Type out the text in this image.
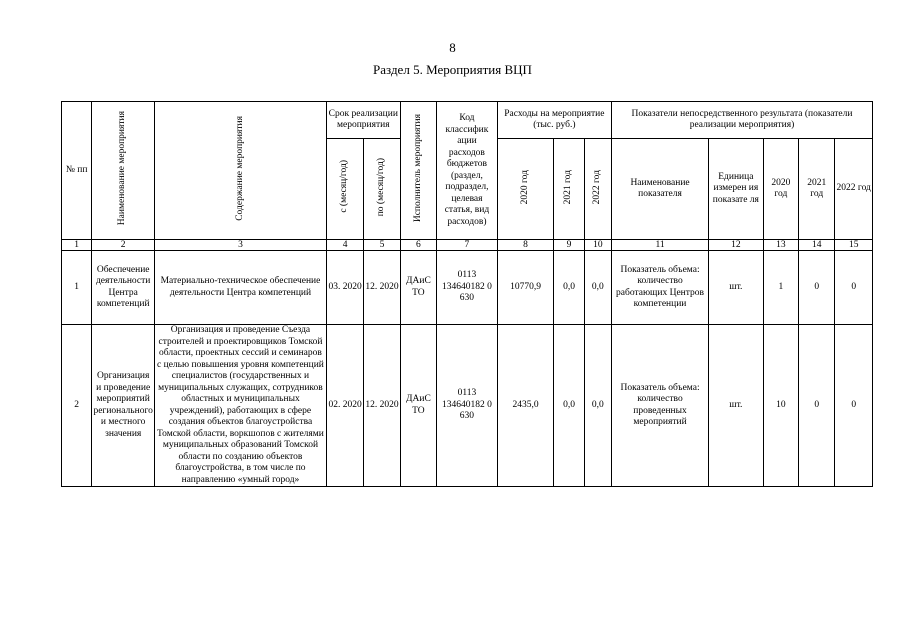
8
Раздел 5. Мероприятия ВЦП
№ пп	Наименование мероприятия	Содержание мероприятия	Срок реализации мероприятия		Исполнитель мероприятия	Код классифик ации расходов бюджетов (раздел, подраздел, целевая статья, вид расходов)	Расходы на мероприятие (тыс. руб.)			Показатели непосредственного результата (показатели реализации мероприятия)				
			с (месяц/год)	по (месяц/год)			2020 год	2021 год	2022 год	Наименование показателя	Единица измерен ия показате ля	2020 год	2021 год	2022 год
1	2	3	4	5	6	7	8	9	10	11	12	13	14	15
1	Обеспечение деятельности Центра компетенций	Материально-техническое обеспечение деятельности Центра компетенций	03. 2020	12. 2020	ДАиС ТО	0113 134640182 0 630	10770,9	0,0	0,0	Показатель объема: количество работающих Центров компетенции	шт.	1	0	0
2	Организация и проведение мероприятий регионального и местного значения	Организация и проведение Съезда строителей и проектировщиков Томской области, проектных сессий и семинаров с целью повышения уровня компетенций специалистов (государственных и муниципальных служащих, сотрудников областных и муниципальных учреждений), работающих в сфере создания объектов благоустройства Томской области, воркшопов с жителями муниципальных образований Томской области по созданию объектов благоустройства, в том числе по направлению «умный город»	02. 2020	12. 2020	ДАиС ТО	0113 134640182 0 630	2435,0	0,0	0,0	Показатель объема: количество проведенных мероприятий	шт.	10	0	0
